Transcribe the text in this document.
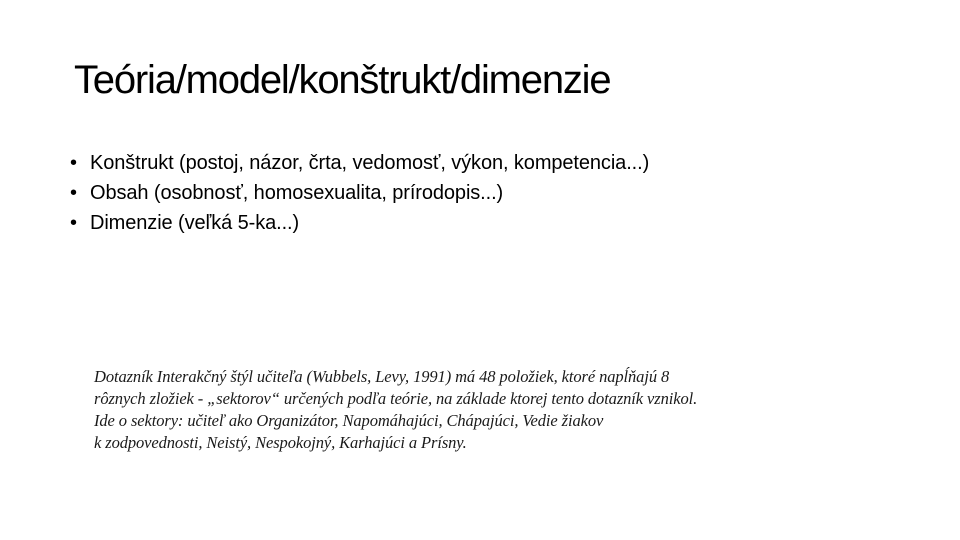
Teória/model/konštrukt/dimenzie
• Konštrukt (postoj, názor, črta, vedomosť, výkon, kompetencia...)
• Obsah (osobnosť, homosexualita, prírodopis...)
• Dimenzie (veľká 5-ka...)
Dotazník Interakčný štýl učiteľa (Wubbels, Levy, 1991) má 48 položiek, ktoré napĺňajú 8
rôznych zložiek - „sektorov“ určených podľa teórie, na základe ktorej tento dotazník vznikol.
Ide o sektory: učiteľ ako Organizátor, Napomáhajúci, Chápajúci, Vedie žiakov
k zodpovednosti, Neistý, Nespokojný, Karhajúci a Prísny.
